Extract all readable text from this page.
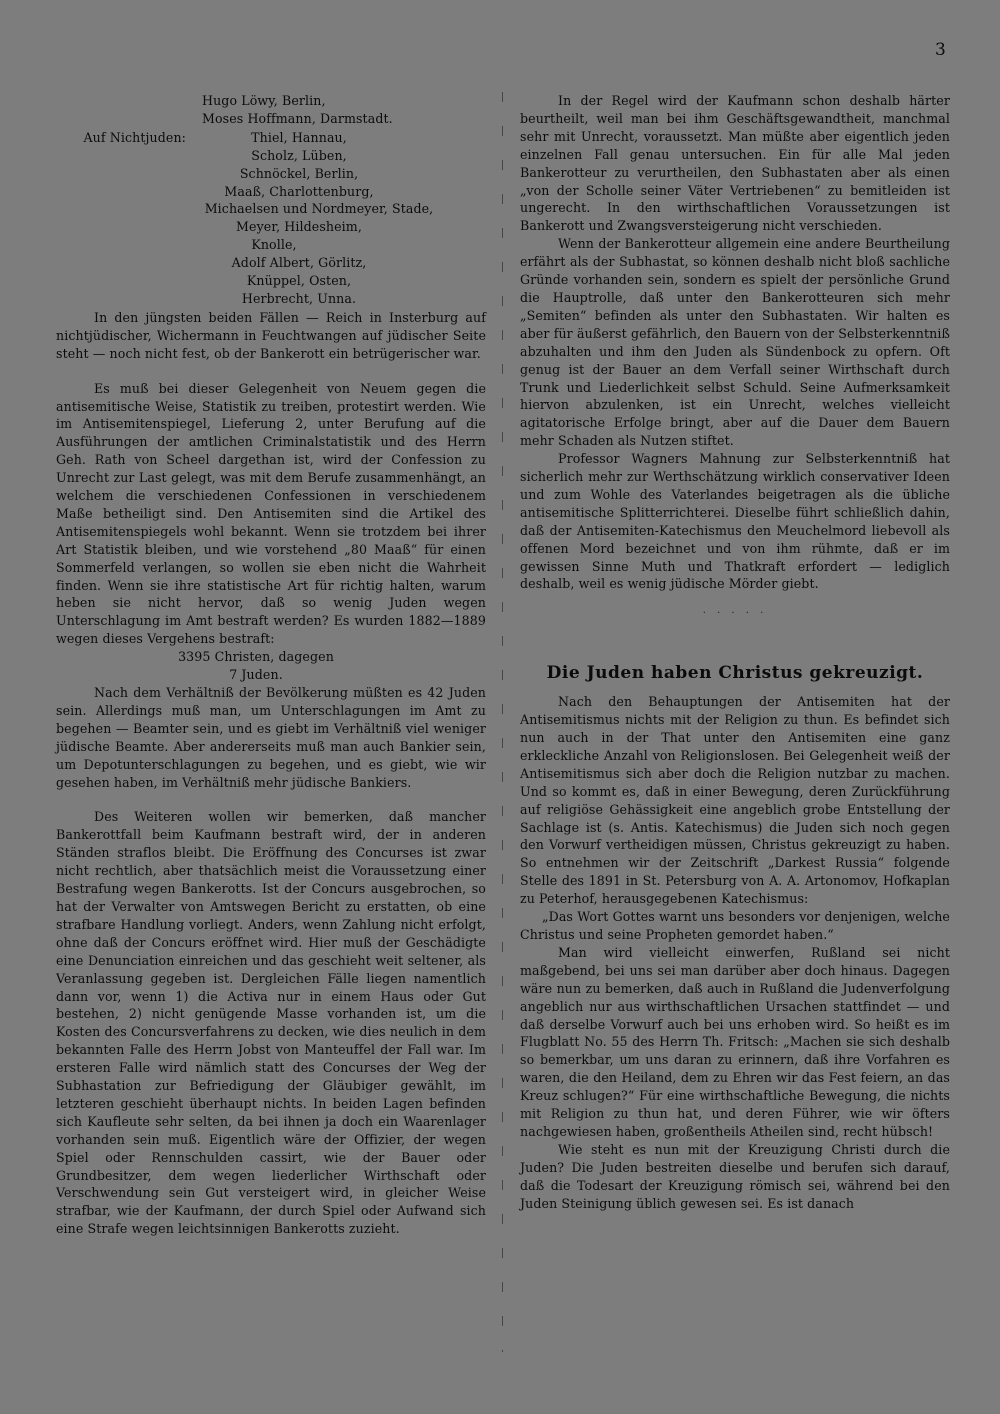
3
Hugo Löwy, Berlin,
Moses Hoffmann, Darmstadt.
Auf Nichtjuden:	Thiel, Hannau,
Scholz, Lüben,
Schnöckel, Berlin,
Maaß, Charlottenburg,
Michaelsen und Nordmeyer, Stade,
Meyer, Hildesheim,
Knolle,
Adolf Albert, Görlitz,
Knüppel, Osten,
Herbrecht, Unna.

In den jüngsten beiden Fällen — Reich in Insterburg auf nichtjüdischer, Wichermann in Feuchtwangen auf jüdischer Seite steht — noch nicht fest, ob der Bankerott ein betrügerischer war.

Es muß bei dieser Gelegenheit von Neuem gegen die antisemitische Weise, Statistik zu treiben, protestirt werden. Wie im Antisemitenspiegel, Lieferung 2, unter Berufung auf die Ausführungen der amtlichen Criminalstatistik und des Herrn Geh. Rath von Scheel dargethan ist, wird der Confession zu Unrecht zur Last gelegt, was mit dem Berufe zusammenhängt, an welchem die verschiedenen Confessionen in verschiedenem Maße betheiligt sind. Den Antisemiten sind die Artikel des Antisemitenspiegels wohl bekannt. Wenn sie trotzdem bei ihrer Art Statistik bleiben, und wie vorstehend „80 Maaß“ für einen Sommerfeld verlangen, so wollen sie eben nicht die Wahrheit finden. Wenn sie ihre statistische Art für richtig halten, warum heben sie nicht hervor, daß so wenig Juden wegen Unterschlagung im Amt bestraft werden? Es wurden 1882—1889 wegen dieses Vergehens bestraft:

3395 Christen, dagegen
7 Juden.

Nach dem Verhältniß der Bevölkerung müßten es 42 Juden sein. Allerdings muß man, um Unterschlagungen im Amt zu begehen — Beamter sein, und es giebt im Verhältniß viel weniger jüdische Beamte. Aber andererseits muß man auch Bankier sein, um Depotunterschlagungen zu begehen, und es giebt, wie wir gesehen haben, im Verhältniß mehr jüdische Bankiers.

Des Weiteren wollen wir bemerken, daß mancher Bankerottfall beim Kaufmann bestraft wird, der in anderen Ständen straflos bleibt. Die Eröffnung des Concurses ist zwar nicht rechtlich, aber thatsächlich meist die Voraussetzung einer Bestrafung wegen Bankerotts. Ist der Concurs ausgebrochen, so hat der Verwalter von Amtswegen Bericht zu erstatten, ob eine strafbare Handlung vorliegt. Anders, wenn Zahlung nicht erfolgt, ohne daß der Concurs eröffnet wird. Hier muß der Geschädigte eine Denunciation einreichen und das geschieht weit seltener, als Veranlassung gegeben ist. Dergleichen Fälle liegen namentlich dann vor, wenn 1) die Activa nur in einem Haus oder Gut bestehen, 2) nicht genügende Masse vorhanden ist, um die Kosten des Concursverfahrens zu decken, wie dies neulich in dem bekannten Falle des Herrn Jobst von Manteuffel der Fall war. Im ersteren Falle wird nämlich statt des Concurses der Weg der Subhastation zur Befriedigung der Gläubiger gewählt, im letzteren geschieht überhaupt nichts. In beiden Lagen befinden sich Kaufleute sehr selten, da bei ihnen ja doch ein Waarenlager vorhanden sein muß. Eigentlich wäre der Offizier, der wegen Spiel oder Rennschulden cassirt, wie der Bauer oder Grundbesitzer, dem wegen liederlicher Wirthschaft oder Verschwendung sein Gut versteigert wird, in gleicher Weise strafbar, wie der Kaufmann, der durch Spiel oder Aufwand sich eine Strafe wegen leichtsinnigen Bankerotts zuzieht.

In der Regel wird der Kaufmann schon deshalb härter beurtheilt, weil man bei ihm Geschäftsgewandtheit, manchmal sehr mit Unrecht, voraussetzt. Man müßte aber eigentlich jeden einzelnen Fall genau untersuchen. Ein für alle Mal jeden Bankerotteur zu verurtheilen, den Subhastaten aber als einen „von der Scholle seiner Väter Vertriebenen“ zu bemitleiden ist ungerecht. In den wirthschaftlichen Voraussetzungen ist Bankerott und Zwangsversteigerung nicht verschieden.

Wenn der Bankerotteur allgemein eine andere Beurtheilung erfährt als der Subhastat, so können deshalb nicht bloß sachliche Gründe vorhanden sein, sondern es spielt der persönliche Grund die Hauptrolle, daß unter den Bankerotteuren sich mehr „Semiten“ befinden als unter den Subhastaten. Wir halten es aber für äußerst gefährlich, den Bauern von der Selbsterkenntniß abzuhalten und ihm den Juden als Sündenbock zu opfern. Oft genug ist der Bauer an dem Verfall seiner Wirthschaft durch Trunk und Liederlichkeit selbst Schuld. Seine Aufmerksamkeit hiervon abzulenken, ist ein Unrecht, welches vielleicht agitatorische Erfolge bringt, aber auf die Dauer dem Bauern mehr Schaden als Nutzen stiftet.

Professor Wagners Mahnung zur Selbsterkenntniß hat sicherlich mehr zur Werthschätzung wirklich conservativer Ideen und zum Wohle des Vaterlandes beigetragen als die übliche antisemitische Splitterrichterei. Dieselbe führt schließlich dahin, daß der Antisemiten-Katechismus den Meuchelmord liebevoll als offenen Mord bezeichnet und von ihm rühmte, daß er im gewissen Sinne Muth und Thatkraft erfordert — lediglich deshalb, weil es wenig jüdische Mörder giebt.

· · · · ·
Die Juden haben Christus gekreuzigt.

Nach den Behauptungen der Antisemiten hat der Antisemitismus nichts mit der Religion zu thun. Es befindet sich nun auch in der That unter den Antisemiten eine ganz erkleckliche Anzahl von Religionslosen. Bei Gelegenheit weiß der Antisemitismus sich aber doch die Religion nutzbar zu machen. Und so kommt es, daß in einer Bewegung, deren Zurückführung auf religiöse Gehässigkeit eine angeblich grobe Entstellung der Sachlage ist (s. Antis. Katechismus) die Juden sich noch gegen den Vorwurf vertheidigen müssen, Christus gekreuzigt zu haben. So entnehmen wir der Zeitschrift „Darkest Russia“ folgende Stelle des 1891 in St. Petersburg von A. A. Artonomov, Hofkaplan zu Peterhof, herausgegebenen Katechismus:

„Das Wort Gottes warnt uns besonders vor denjenigen, welche Christus und seine Propheten gemordet haben.“

Man wird vielleicht einwerfen, Rußland sei nicht maßgebend, bei uns sei man darüber aber doch hinaus. Dagegen wäre nun zu bemerken, daß auch in Rußland die Judenverfolgung angeblich nur aus wirthschaftlichen Ursachen stattfindet — und daß derselbe Vorwurf auch bei uns erhoben wird. So heißt es im Flugblatt No. 55 des Herrn Th. Fritsch: „Machen sie sich deshalb so bemerkbar, um uns daran zu erinnern, daß ihre Vorfahren es waren, die den Heiland, dem zu Ehren wir das Fest feiern, an das Kreuz schlugen?“ Für eine wirthschaftliche Bewegung, die nichts mit Religion zu thun hat, und deren Führer, wie wir öfters nachgewiesen haben, großentheils Atheilen sind, recht hübsch!

Wie steht es nun mit der Kreuzigung Christi durch die Juden? Die Juden bestreiten dieselbe und berufen sich darauf, daß die Todesart der Kreuzigung römisch sei, während bei den Juden Steinigung üblich gewesen sei. Es ist danach
